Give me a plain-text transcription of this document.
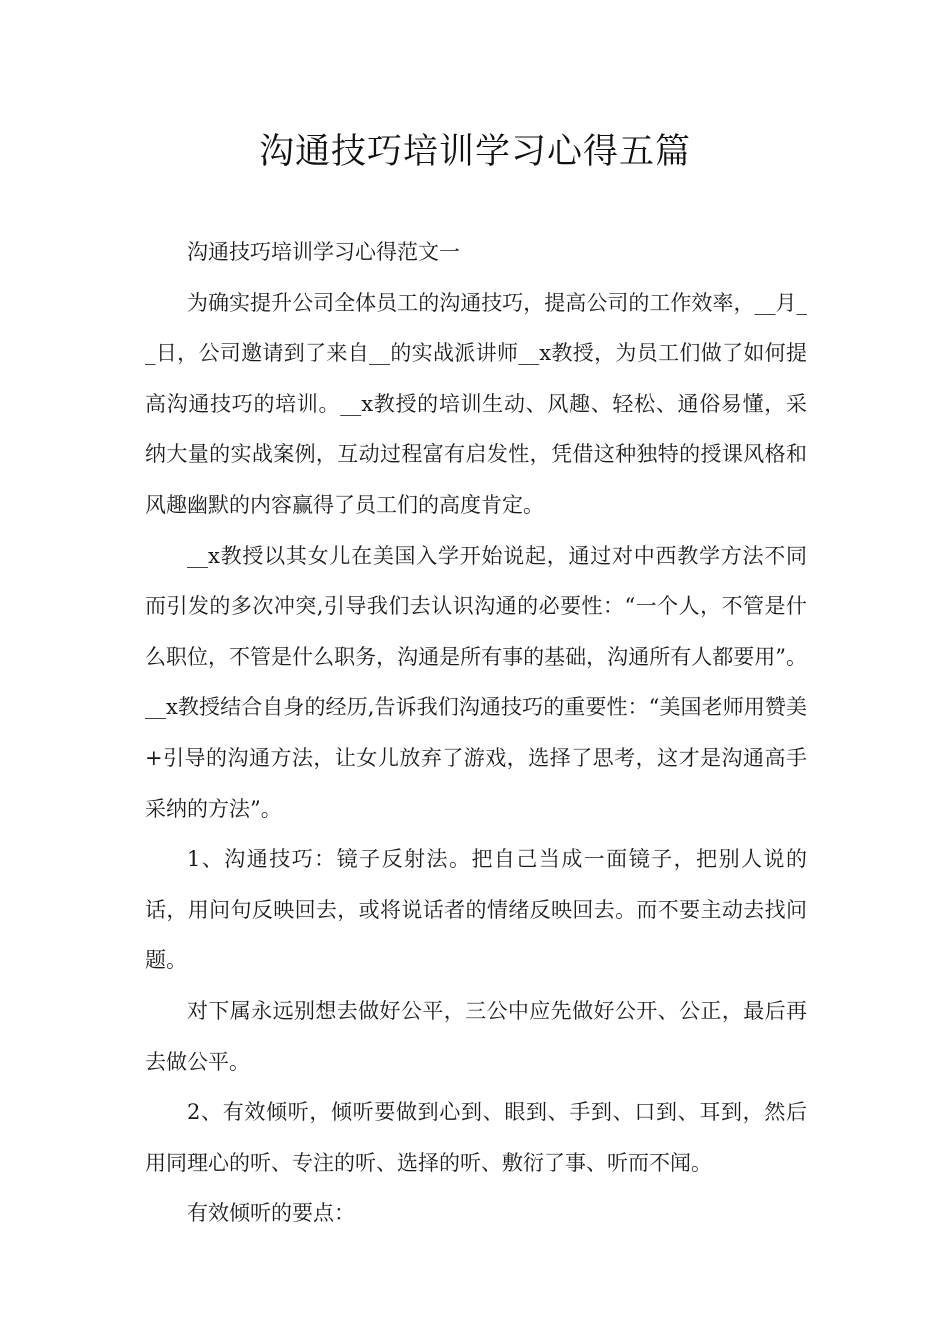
沟通技巧培训学习心得五篇

沟通技巧培训学习心得范文一

为确实提升公司全体员工的沟通技巧，提高公司的工作效率，__月__日，公司邀请到了来自__的实战派讲师__x教授，为员工们做了如何提高沟通技巧的培训。__x教授的培训生动、风趣、轻松、通俗易懂，采纳大量的实战案例，互动过程富有启发性，凭借这种独特的授课风格和风趣幽默的内容赢得了员工们的高度肯定。

__x教授以其女儿在美国入学开始说起，通过对中西教学方法不同而引发的多次冲突,引导我们去认识沟通的必要性：“一个人，不管是什么职位，不管是什么职务，沟通是所有事的基础，沟通所有人都要用”。__x教授结合自身的经历,告诉我们沟通技巧的重要性：“美国老师用赞美+引导的沟通方法，让女儿放弃了游戏，选择了思考，这才是沟通高手采纳的方法”。

1、沟通技巧：镜子反射法。把自己当成一面镜子，把别人说的话，用问句反映回去，或将说话者的情绪反映回去。而不要主动去找问题。

对下属永远别想去做好公平，三公中应先做好公开、公正，最后再去做公平。

2、有效倾听，倾听要做到心到、眼到、手到、口到、耳到，然后用同理心的听、专注的听、选择的听、敷衍了事、听而不闻。

有效倾听的要点：
